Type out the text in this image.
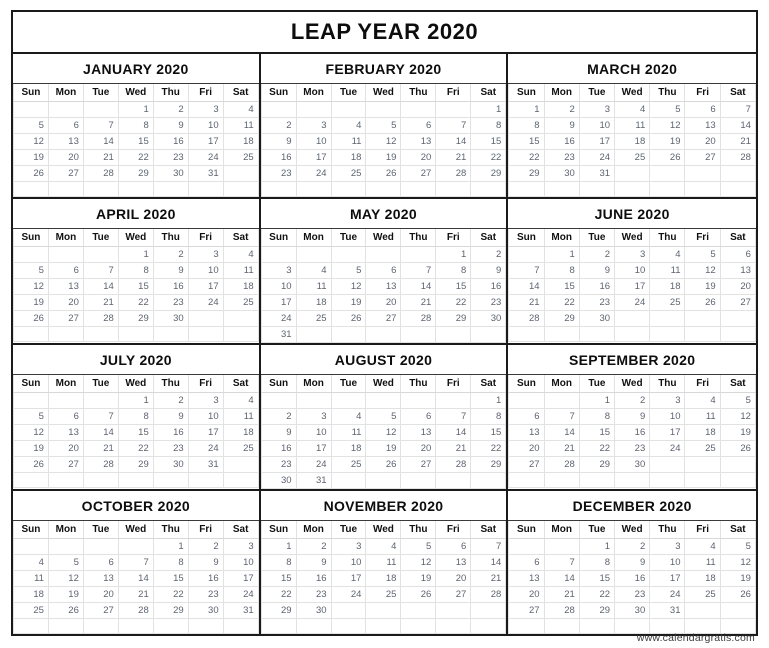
LEAP YEAR 2020
JANUARY 2020
Sun	Mon	Tue	Wed	Thu	Fri	Sat
			1	2	3	4
5	6	7	8	9	10	11
12	13	14	15	16	17	18
19	20	21	22	23	24	25
26	27	28	29	30	31	

FEBRUARY 2020
Sun	Mon	Tue	Wed	Thu	Fri	Sat
						1
2	3	4	5	6	7	8
9	10	11	12	13	14	15
16	17	18	19	20	21	22
23	24	25	26	27	28	29

MARCH 2020
Sun	Mon	Tue	Wed	Thu	Fri	Sat
1	2	3	4	5	6	7
8	9	10	11	12	13	14
15	16	17	18	19	20	21
22	23	24	25	26	27	28
29	30	31				

APRIL 2020
Sun	Mon	Tue	Wed	Thu	Fri	Sat
			1	2	3	4
5	6	7	8	9	10	11
12	13	14	15	16	17	18
19	20	21	22	23	24	25
26	27	28	29	30		

MAY 2020
Sun	Mon	Tue	Wed	Thu	Fri	Sat
					1	2
3	4	5	6	7	8	9
10	11	12	13	14	15	16
17	18	19	20	21	22	23
24	25	26	27	28	29	30
31						
JUNE 2020
Sun	Mon	Tue	Wed	Thu	Fri	Sat
	1	2	3	4	5	6
7	8	9	10	11	12	13
14	15	16	17	18	19	20
21	22	23	24	25	26	27
28	29	30				

JULY 2020
Sun	Mon	Tue	Wed	Thu	Fri	Sat
			1	2	3	4
5	6	7	8	9	10	11
12	13	14	15	16	17	18
19	20	21	22	23	24	25
26	27	28	29	30	31	

AUGUST 2020
Sun	Mon	Tue	Wed	Thu	Fri	Sat
						1
2	3	4	5	6	7	8
9	10	11	12	13	14	15
16	17	18	19	20	21	22
23	24	25	26	27	28	29
30	31					
SEPTEMBER 2020
Sun	Mon	Tue	Wed	Thu	Fri	Sat
		1	2	3	4	5
6	7	8	9	10	11	12
13	14	15	16	17	18	19
20	21	22	23	24	25	26
27	28	29	30			

OCTOBER 2020
Sun	Mon	Tue	Wed	Thu	Fri	Sat
				1	2	3
4	5	6	7	8	9	10
11	12	13	14	15	16	17
18	19	20	21	22	23	24
25	26	27	28	29	30	31

NOVEMBER 2020
Sun	Mon	Tue	Wed	Thu	Fri	Sat
1	2	3	4	5	6	7
8	9	10	11	12	13	14
15	16	17	18	19	20	21
22	23	24	25	26	27	28
29	30					

DECEMBER 2020
Sun	Mon	Tue	Wed	Thu	Fri	Sat
		1	2	3	4	5
6	7	8	9	10	11	12
13	14	15	16	17	18	19
20	21	22	23	24	25	26
27	28	29	30	31		

www.calendargratis.com
